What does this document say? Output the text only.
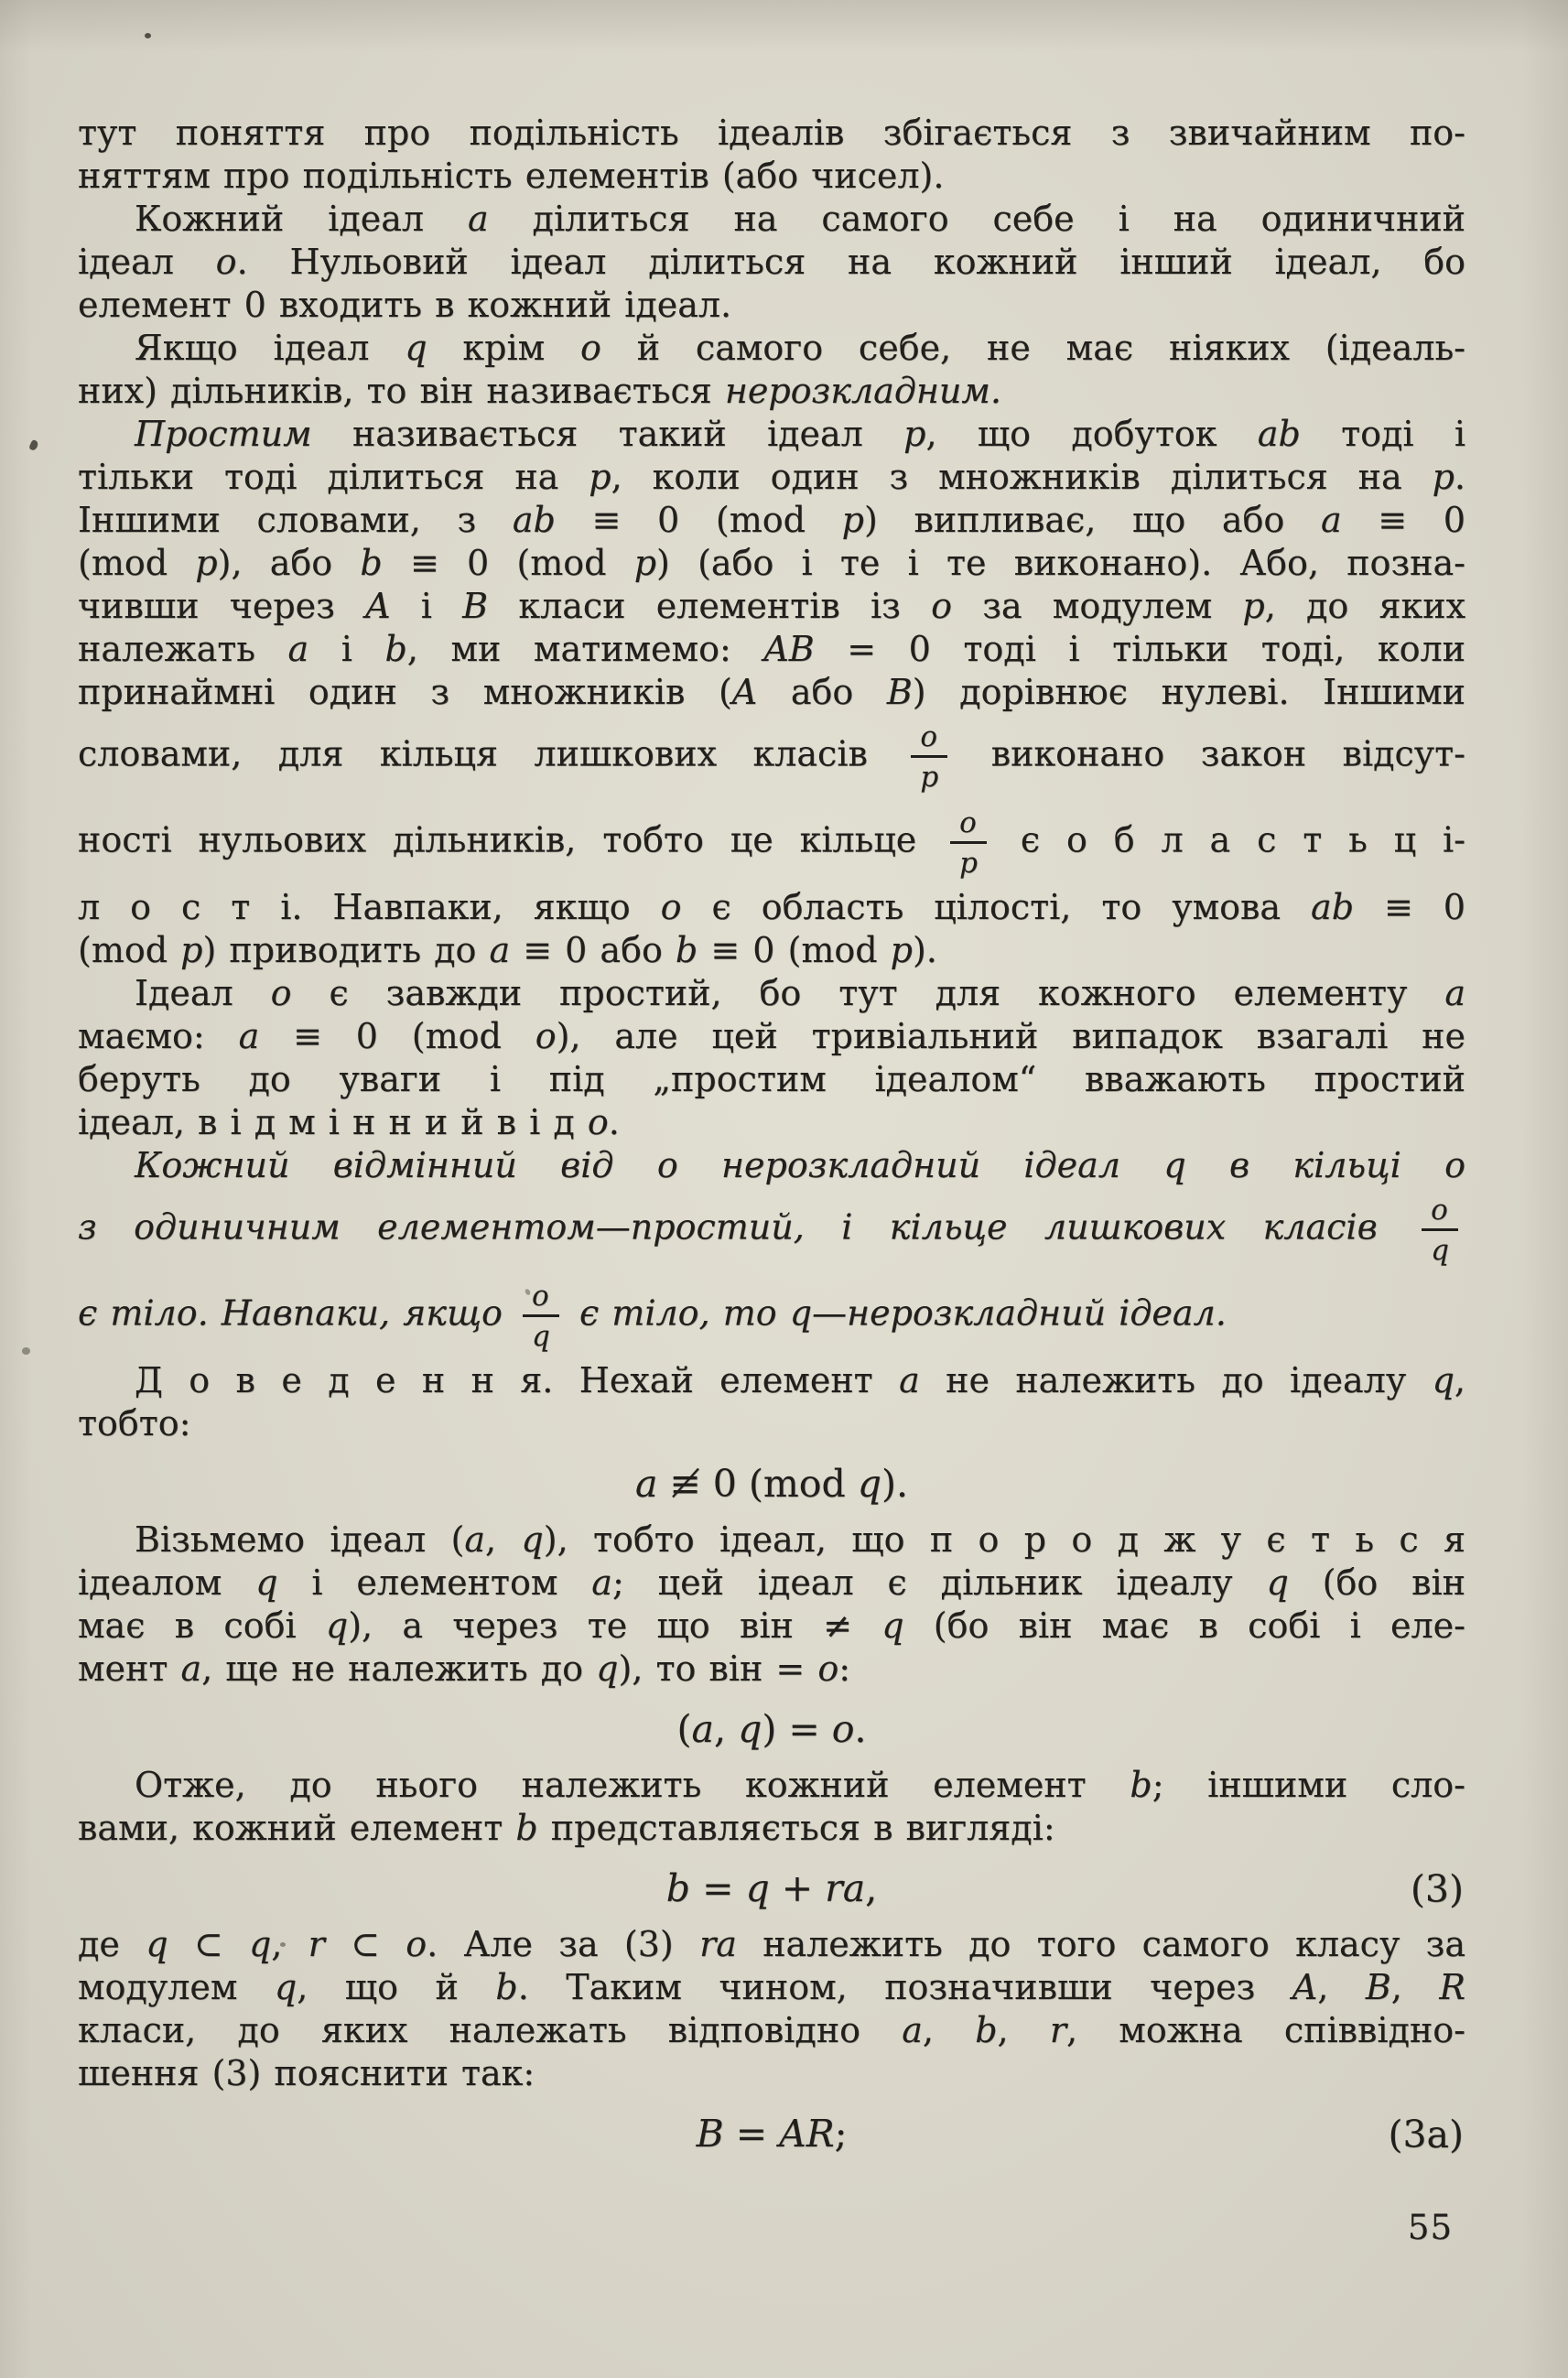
тут поняття про подільність ідеалів збігається з звичайним по-
няттям про подільність елементів (або чисел).
Кожний ідеал a ділиться на самого себе і на одиничний
ідеал o. Нульовий ідеал ділиться на кожний інший ідеал, бо
елемент 0 входить в кожний ідеал.
Якщо ідеал q крім o й самого себе, не має ніяких (ідеаль-
них) дільників, то він називається нерозкладним.
Простим називається такий ідеал p, що добуток ab тоді і
тільки тоді ділиться на p, коли один з множників ділиться на p.
Іншими словами, з ab ≡ 0 (mod p) випливає, що або a ≡ 0
(mod p), або b ≡ 0 (mod p) (або і те і те виконано). Або, позна-
чивши через A і B класи елементів із o за модулем p, до яких
належать a і b, ми матимемо: AB = 0 тоді і тільки тоді, коли
принаймні один з множників (A або B) дорівнює нулеві. Іншими
словами, для кільця лишкових класів $\frac{o}{p}$ виконано закон відсут-
ності нульових дільників, тобто це кільце $\frac{o}{p}$ є о б л а с т ь ц і-
л о с т і. Навпаки, якщо o є область цілості, то умова ab ≡ 0
(mod p) приводить до a ≡ 0 або b ≡ 0 (mod p).
Ідеал o є завжди простий, бо тут для кожного елементу a
маємо: a ≡ 0 (mod o), але цей тривіальний випадок взагалі не
беруть до уваги і під „простим ідеалом“ вважають простий
ідеал, в і д м і н н и й в і д o.
Кожний відмінний від o нерозкладний ідеал q в кільці o
з одиничним елементом—простий, і кільце лишкових класів $\frac{o}{q}$
є тіло. Навпаки, якщо $\frac{o}{q}$ є тіло, то q—нерозкладний ідеал.
Д о в е д е н н я. Нехай елемент a не належить до ідеалу q,
тобто:
a ≢ 0 (mod q).
Візьмемо ідеал (a, q), тобто ідеал, що п о р о д ж у є т ь с я
ідеалом q і елементом a; цей ідеал є дільник ідеалу q (бо він
має в собі q), а через те що він ≠ q (бо він має в собі і еле-
мент a, ще не належить до q), то він = o:
(a, q) = o.
Отже, до нього належить кожний елемент b; іншими сло-
вами, кожний елемент b представляється в вигляді:
b = q + ra,	(3)
де q ⊂ q, r ⊂ o. Але за (3) ra належить до того самого класу за
модулем q, що й b. Таким чином, позначивши через A, B, R
класи, до яких належать відповідно a, b, r, можна співвідно-
шення (3) пояснити так:
B = AR;	(3а)
55
